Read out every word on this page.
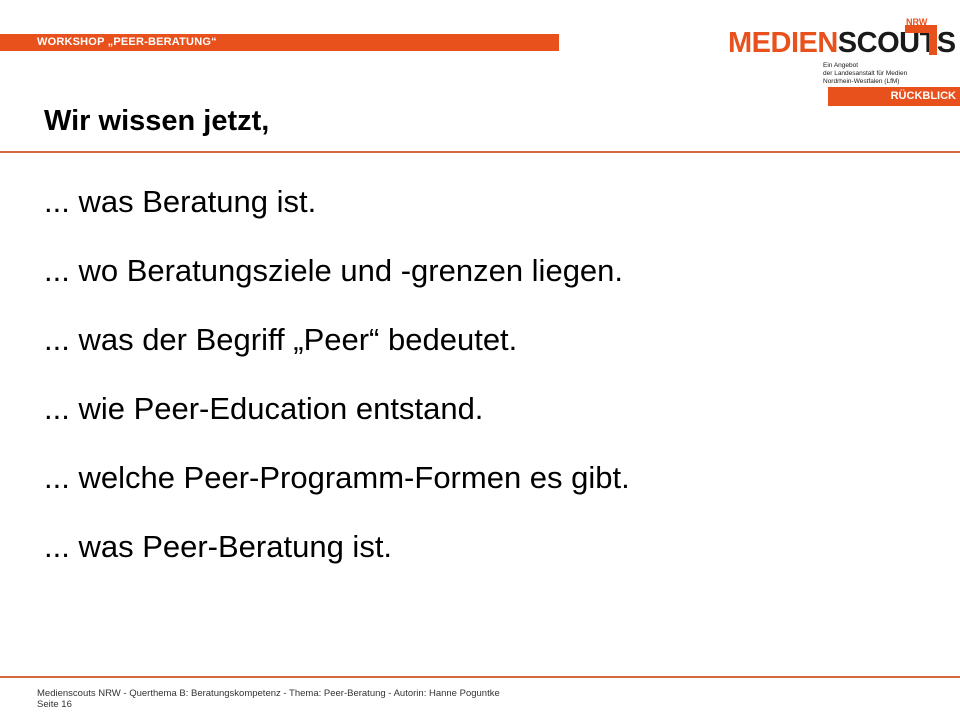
WORKSHOP „PEER-BERATUNG“	MEDIENSCOUTS
NRW
Ein Angebot
der Landesanstalt für Medien
Nordrhein-Westfalen (LfM)
RÜCKBLICK
Wir wissen jetzt,
... was Beratung ist.
... wo Beratungsziele und -grenzen liegen.
... was der Begriff „Peer“ bedeutet.
... wie Peer-Education entstand.
... welche Peer-Programm-Formen es gibt.
... was Peer-Beratung ist.
Medienscouts NRW - Querthema B: Beratungskompetenz - Thema: Peer-Beratung - Autorin: Hanne Poguntke
Seite 16
